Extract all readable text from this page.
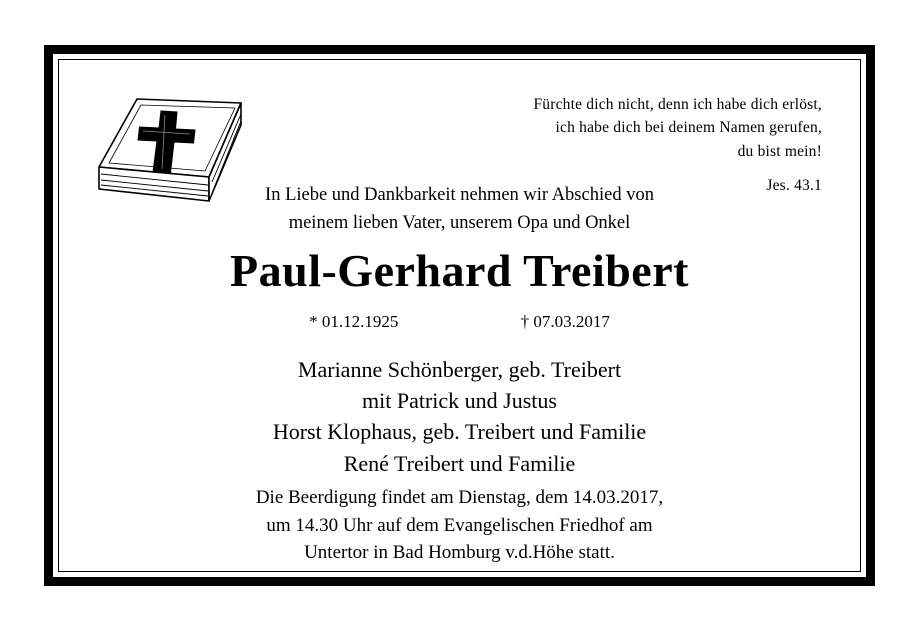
Fürchte dich nicht, denn ich habe dich erlöst,
ich habe dich bei deinem Namen gerufen,
du bist mein!
Jes. 43.1
In Liebe und Dankbarkeit nehmen wir Abschied von
meinem lieben Vater, unserem Opa und Onkel
Paul-Gerhard Treibert
* 01.12.1925	† 07.03.2017
Marianne Schönberger, geb. Treibert
mit Patrick und Justus
Horst Klophaus, geb. Treibert und Familie
René Treibert und Familie
Die Beerdigung findet am Dienstag, dem 14.03.2017,
um 14.30 Uhr auf dem Evangelischen Friedhof am
Untertor in Bad Homburg v.d.Höhe statt.
